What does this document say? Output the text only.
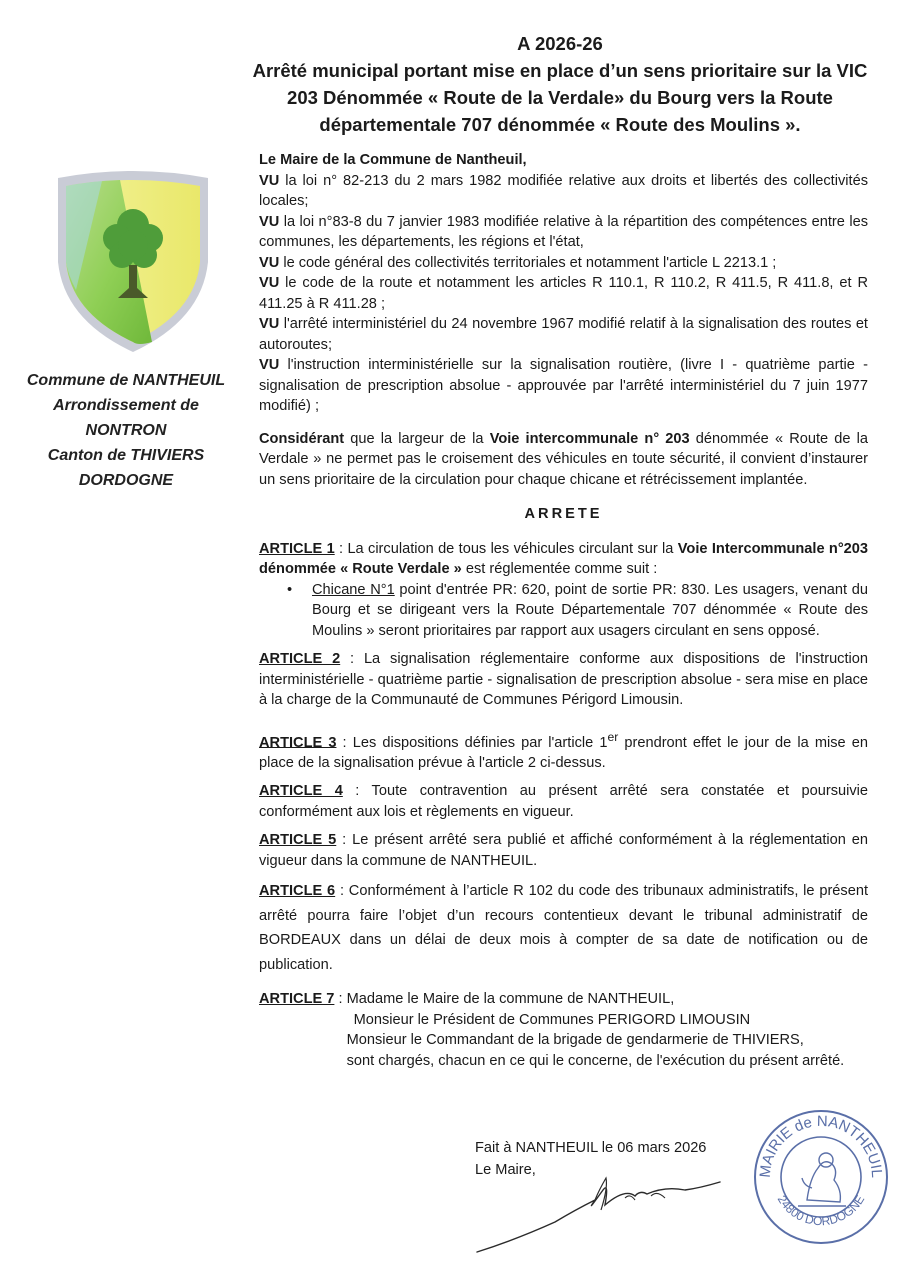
A 2026-26
Arrêté municipal portant mise en place d’un sens prioritaire sur la VIC
203 Dénommée « Route de la Verdale» du Bourg vers la Route
départementale 707 dénommée « Route des Moulins ».
Commune de NANTHEUIL
Arrondissement de
NONTRON
Canton de THIVIERS
DORDOGNE

Le Maire de la Commune de Nantheuil,

VU la loi n° 82-213 du 2 mars 1982 modifiée relative aux droits et libertés des collectivités locales;

VU la loi n°83-8 du 7 janvier 1983 modifiée relative à la répartition des compétences entre les communes, les départements, les régions et l'état,

VU le code général des collectivités territoriales et notamment l'article L 2213.1 ;

VU le code de la route et notamment les articles R 110.1, R 110.2, R 411.5, R 411.8, et R 411.25 à R 411.28 ;

VU l'arrêté interministériel du 24 novembre 1967 modifié relatif à la signalisation des routes et autoroutes;

VU l'instruction interministérielle sur la signalisation routière, (livre I - quatrième partie - signalisation de prescription absolue - approuvée par l'arrêté interministériel du 7 juin 1977 modifié) ;

Considérant que la largeur de la Voie intercommunale n° 203 dénommée « Route de la Verdale » ne permet pas le croisement des véhicules en toute sécurité, il convient d’instaurer un sens prioritaire de la circulation pour chaque chicane et rétrécissement implantée.

ARRETE

ARTICLE 1 : La circulation de tous les véhicules circulant sur la Voie Intercommunale n°203 dénommée « Route Verdale » est réglementée comme suit :

• Chicane N°1 point d'entrée PR: 620, point de sortie PR: 830. Les usagers, venant du Bourg et se dirigeant vers la Route Départementale 707 dénommée « Route des Moulins » seront prioritaires par rapport aux usagers circulant en sens opposé.

ARTICLE 2 : La signalisation réglementaire conforme aux dispositions de l'instruction interministérielle - quatrième partie - signalisation de prescription absolue - sera mise en place à la charge de la Communauté de Communes Périgord Limousin.

ARTICLE 3 : Les dispositions définies par l'article 1er prendront effet le jour de la mise en place de la signalisation prévue à l'article 2 ci-dessus.

ARTICLE 4 : Toute contravention au présent arrêté sera constatée et poursuivie conformément aux lois et règlements en vigueur.

ARTICLE 5 : Le présent arrêté sera publié et affiché conformément à la réglementation en vigueur dans la commune de NANTHEUIL.

ARTICLE 6 : Conformément à l’article R 102 du code des tribunaux administratifs, le présent arrêté pourra faire l’objet d’un recours contentieux devant le tribunal administratif de BORDEAUX dans un délai de deux mois à compter de sa date de notification ou de publication.

ARTICLE 7 : Madame le Maire de la commune de NANTHEUIL,
Monsieur le Président de Communes PERIGORD LIMOUSIN
Monsieur le Commandant de la brigade de gendarmerie de THIVIERS,
sont chargés, chacun en ce qui le concerne, de l'exécution du présent arrêté.
Fait à NANTHEUIL le 06 mars 2026
Le Maire,	MAIRIE de NANTHEUIL
24800 DORDOGNE
